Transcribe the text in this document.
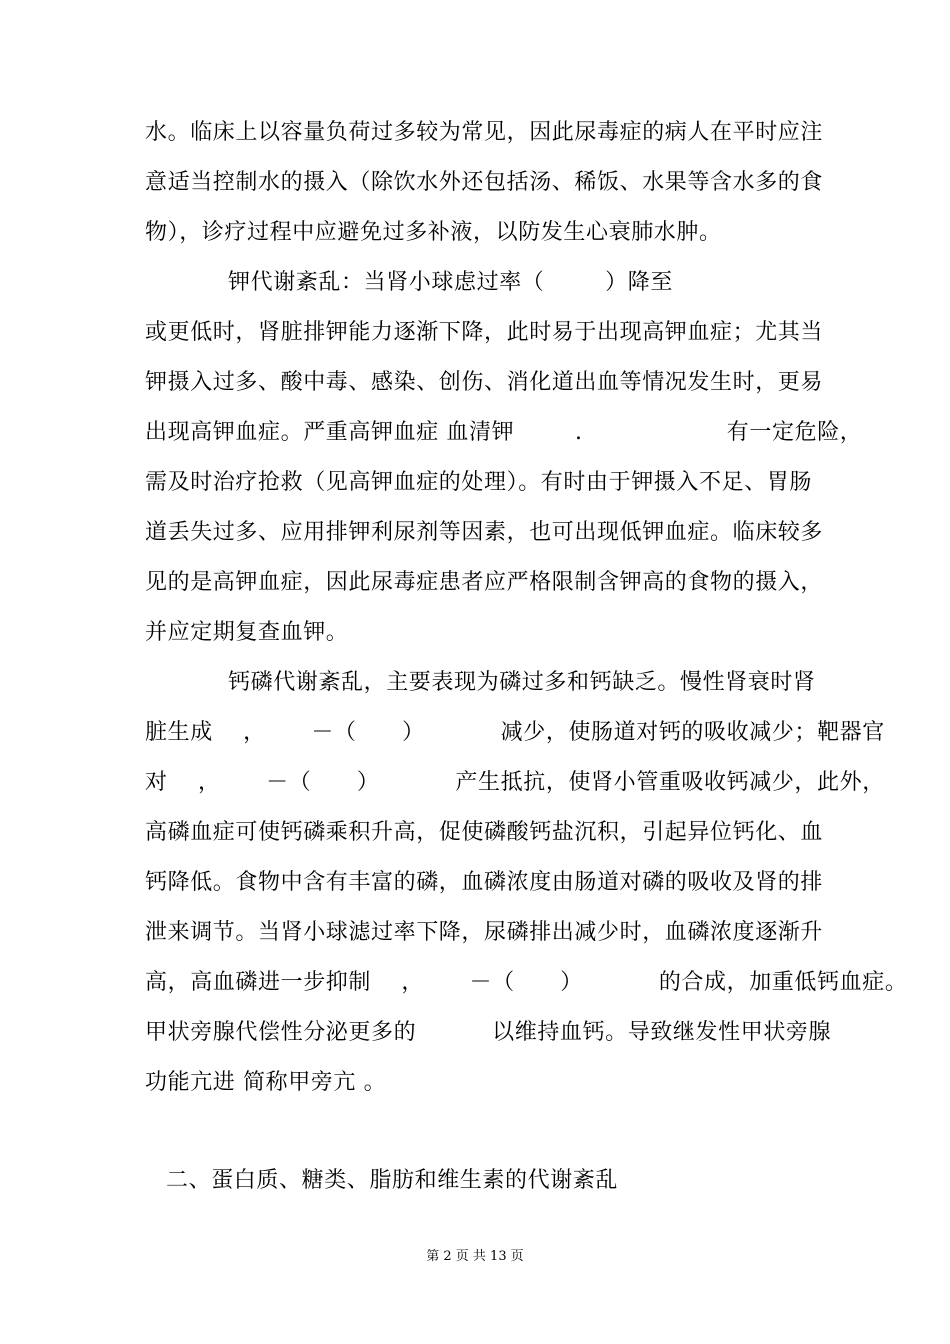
水。临床上以容量负荷过多较为常见，因此尿毒症的病人在平时应注
意适当控制水的摄入（除饮水外还包括汤、稀饭、水果等含水多的食
物），诊疗过程中应避免过多补液，以防发生心衰肺水肿。
钾代谢紊乱：当肾小球虑过率（        ）降至
或更低时，肾脏排钾能力逐渐下降，此时易于出现高钾血症；尤其当
钾摄入过多、酸中毒、感染、创伤、消化道出血等情况发生时，更易
出现高钾血症。严重高钾血症 血清钾        .                   有一定危险，
需及时治疗抢救（见高钾血症的处理）。有时由于钾摄入不足、胃肠
道丢失过多、应用排钾利尿剂等因素，也可出现低钾血症。临床较多
见的是高钾血症，因此尿毒症患者应严格限制含钾高的食物的摄入，
并应定期复查血钾。
钙磷代谢紊乱，主要表现为磷过多和钙缺乏。慢性肾衰时肾
脏生成    ，      －（      ）          减少，使肠道对钙的吸收减少；靶器官
对    ，      －（      ）          产生抵抗，使肾小管重吸收钙减少，此外，
高磷血症可使钙磷乘积升高，促使磷酸钙盐沉积，引起异位钙化、血
钙降低。食物中含有丰富的磷，血磷浓度由肠道对磷的吸收及肾的排
泄来调节。当肾小球滤过率下降，尿磷排出减少时，血磷浓度逐渐升
高，高血磷进一步抑制    ，      －（      ）          的合成，加重低钙血症。
甲状旁腺代偿性分泌更多的          以维持血钙。导致继发性甲状旁腺
功能亢进 简称甲旁亢 。
二、蛋白质、糖类、脂肪和维生素的代谢紊乱
第 2 页 共 13 页
